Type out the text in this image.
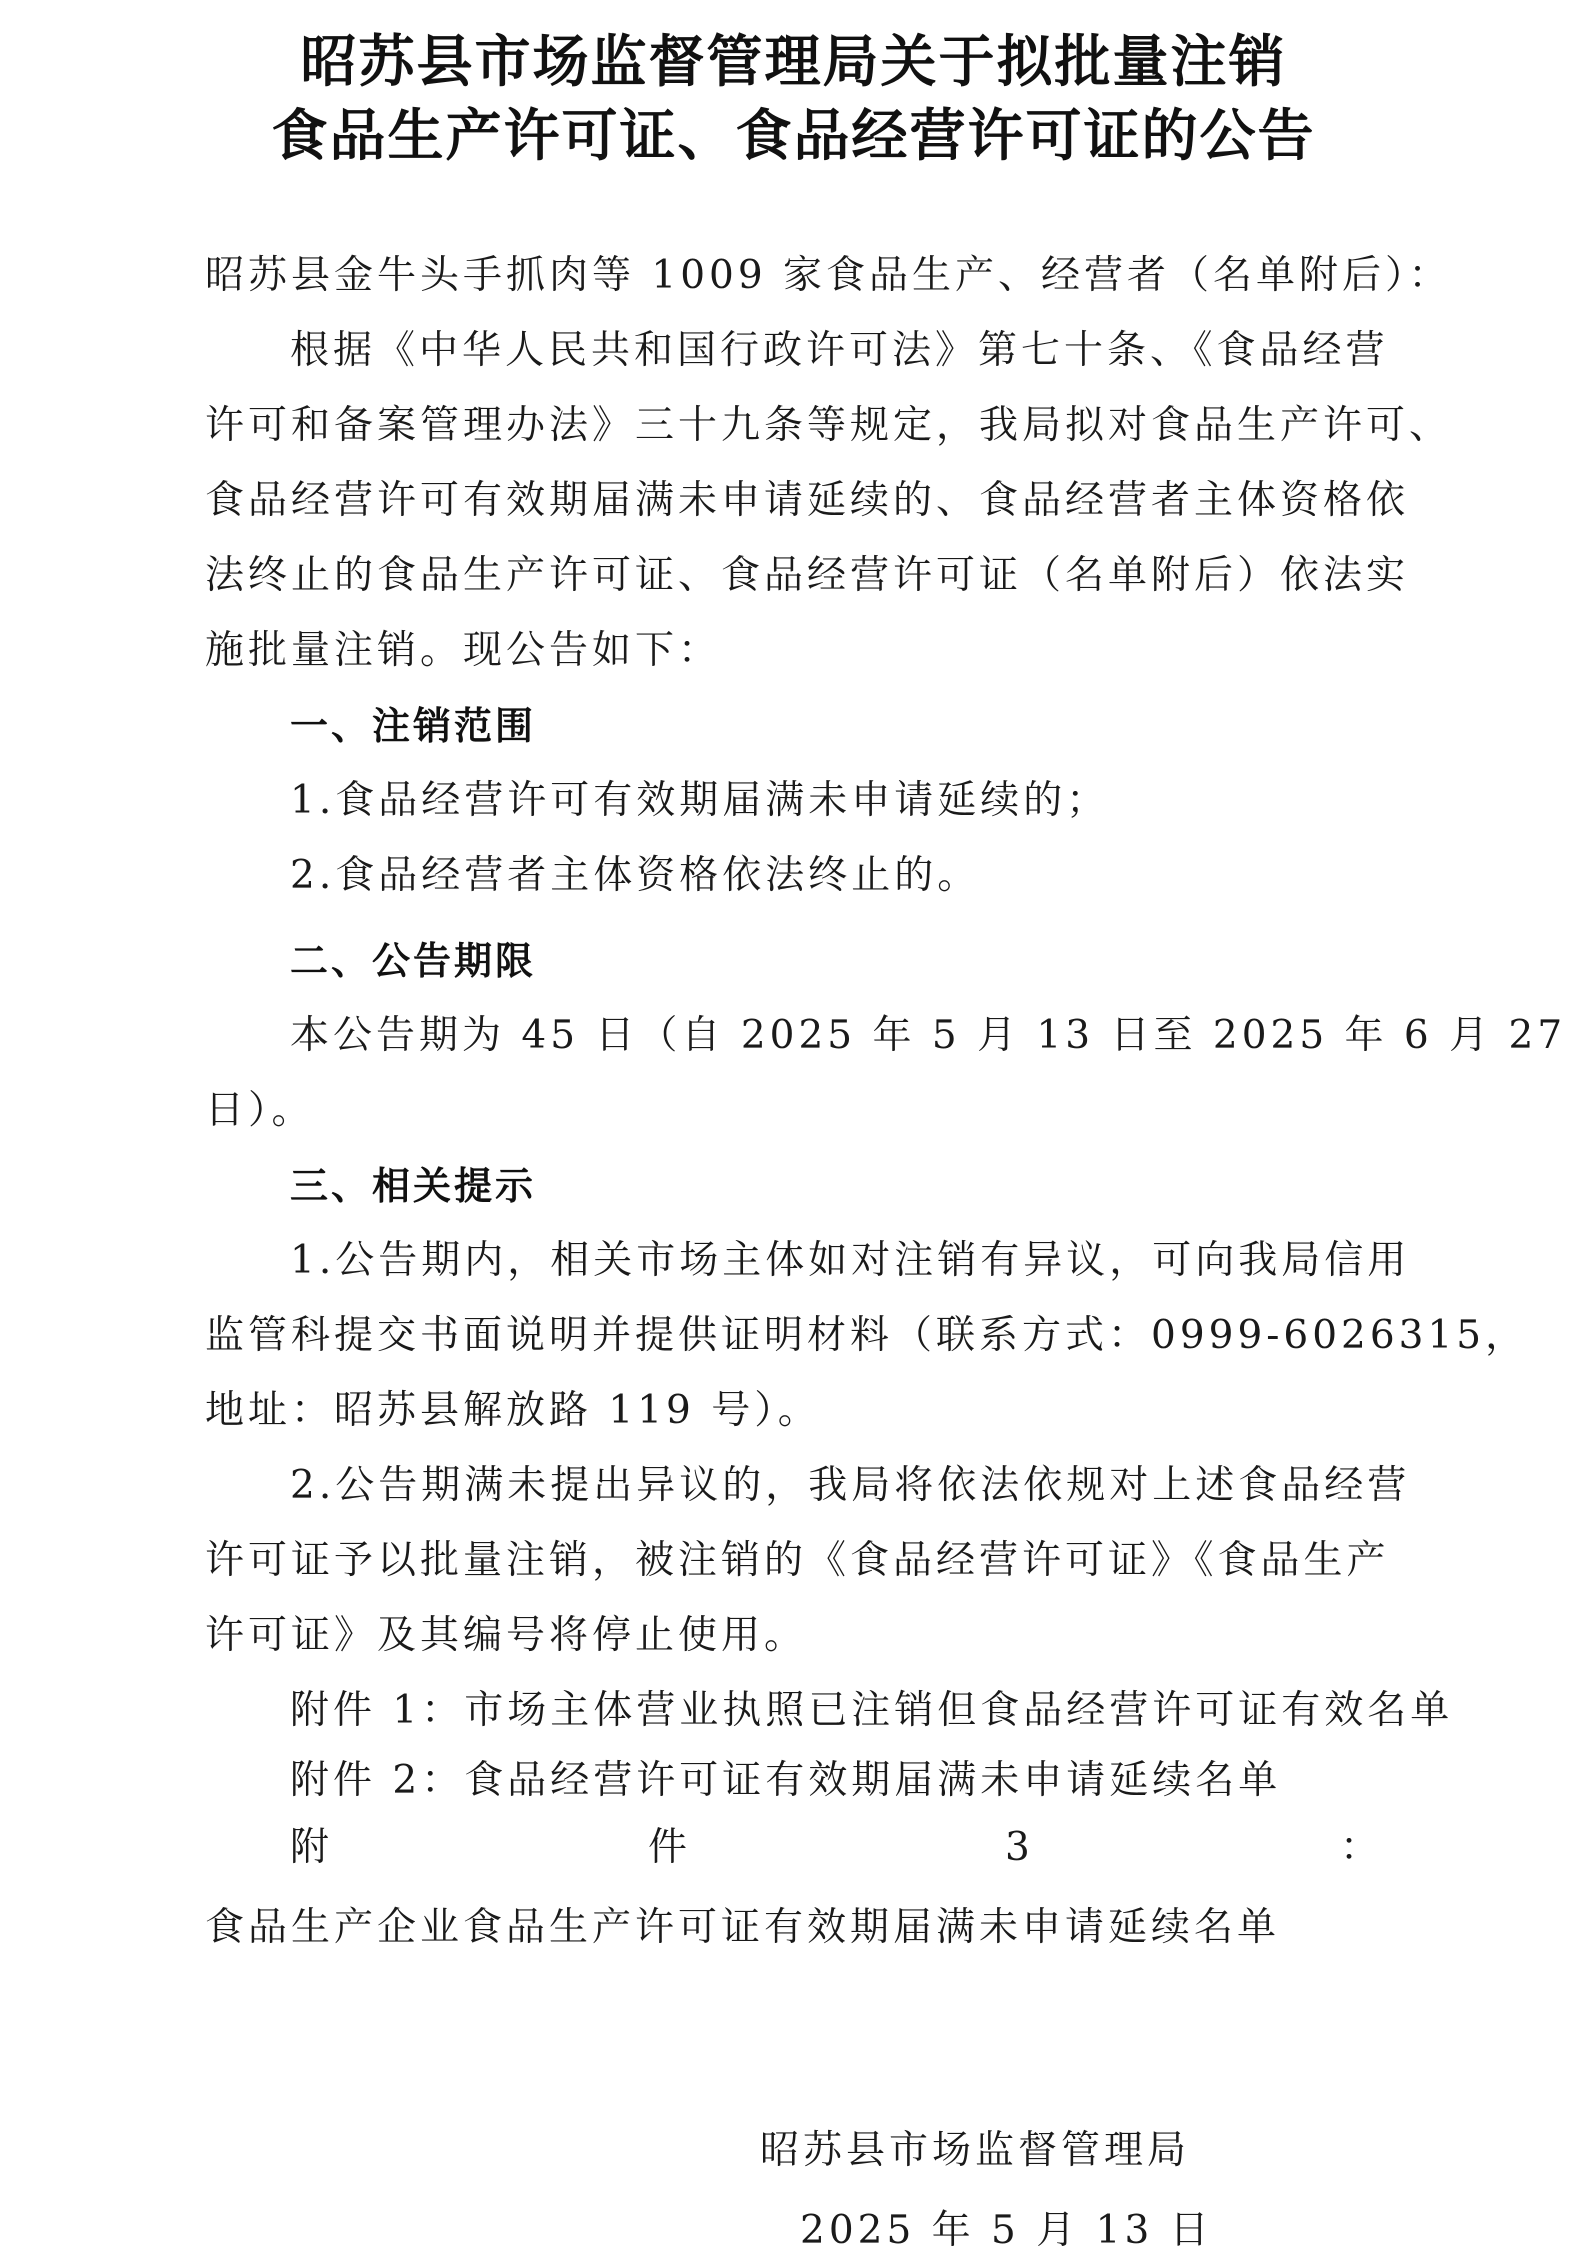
昭苏县市场监督管理局关于拟批量注销
食品生产许可证、食品经营许可证的公告
昭苏县金牛头手抓肉等 1009 家食品生产、经营者（名单附后）：
根据《中华人民共和国行政许可法》第七十条、《食品经营
许可和备案管理办法》三十九条等规定，我局拟对食品生产许可、
食品经营许可有效期届满未申请延续的、食品经营者主体资格依
法终止的食品生产许可证、食品经营许可证（名单附后）依法实
施批量注销。现公告如下：
一、注销范围
1.食品经营许可有效期届满未申请延续的；
2.食品经营者主体资格依法终止的。
二、公告期限
本公告期为 45 日（自 2025 年 5 月 13 日至 2025 年 6 月 27
日）。
三、相关提示
1.公告期内，相关市场主体如对注销有异议，可向我局信用
监管科提交书面说明并提供证明材料（联系方式：0999-6026315，
地址：昭苏县解放路 119 号）。
2.公告期满未提出异议的，我局将依法依规对上述食品经营
许可证予以批量注销，被注销的《食品经营许可证》《食品生产
许可证》及其编号将停止使用。
附件 1：市场主体营业执照已注销但食品经营许可证有效名单
附件 2：食品经营许可证有效期届满未申请延续名单
附	件	3	：
食品生产企业食品生产许可证有效期届满未申请延续名单
昭苏县市场监督管理局
2025 年 5 月 13 日
